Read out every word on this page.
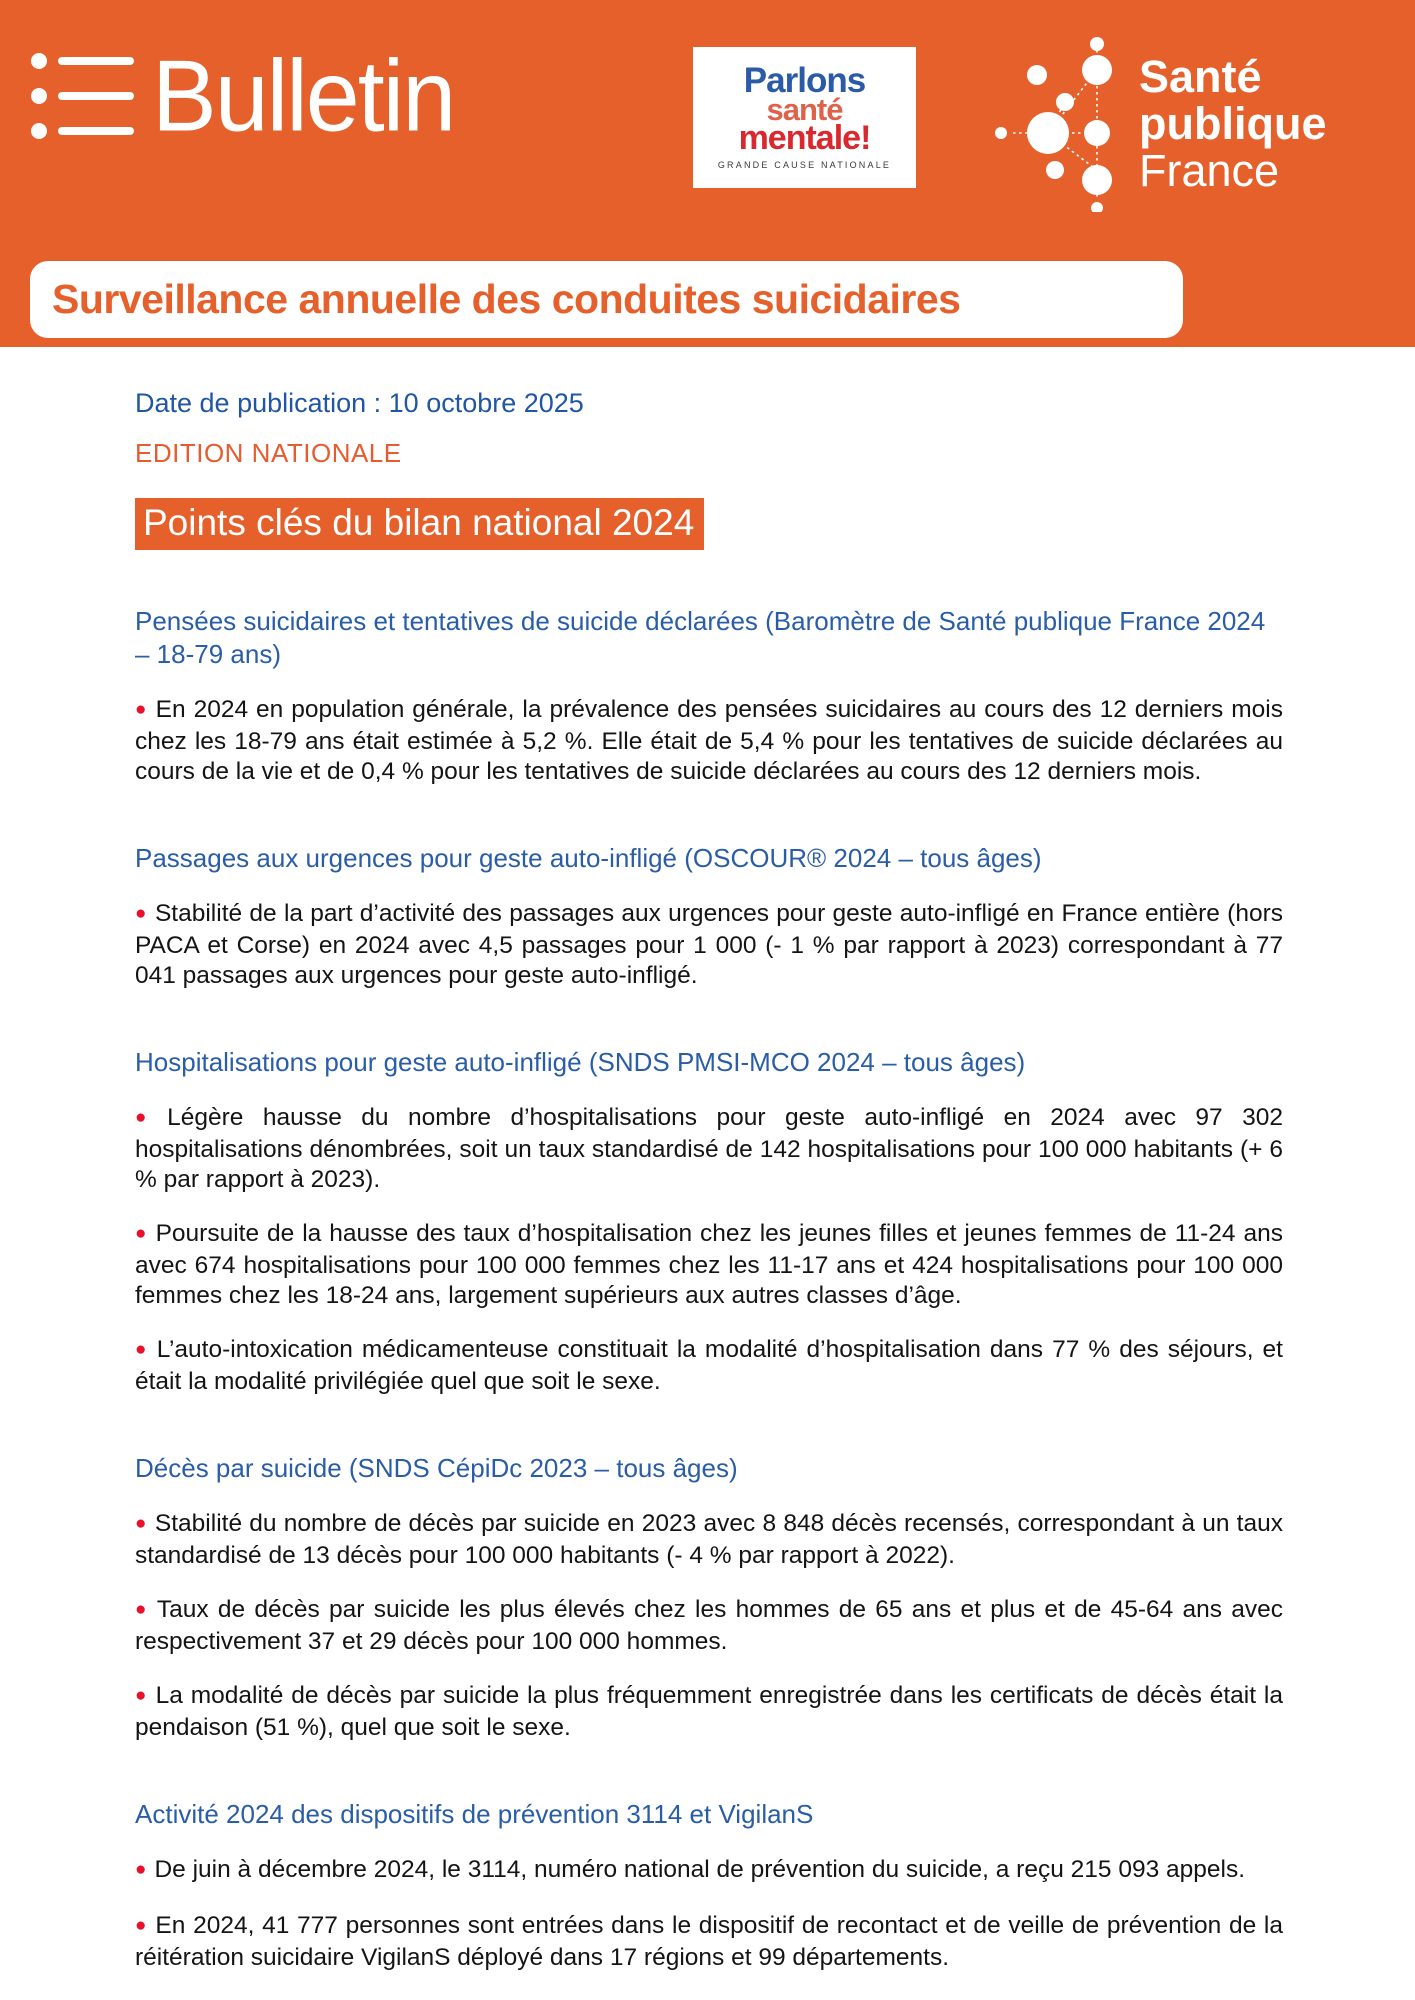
Bulletin	Parlons
santé
mentale!
GRANDE CAUSE NATIONALE
Santé
publique
France
Surveillance annuelle des conduites suicidaires

Date de publication : 10 octobre 2025

EDITION NATIONALE

Points clés du bilan national 2024
Pensées suicidaires et tentatives de suicide déclarées (Baromètre de Santé publique France 2024 – 18-79 ans)

● En 2024 en population générale, la prévalence des pensées suicidaires au cours des 12 derniers mois chez les 18-79 ans était estimée à 5,2 %. Elle était de 5,4 % pour les tentatives de suicide déclarées au cours de la vie et de 0,4 % pour les tentatives de suicide déclarées au cours des 12 derniers mois.

Passages aux urgences pour geste auto-infligé (OSCOUR® 2024 – tous âges)

● Stabilité de la part d’activité des passages aux urgences pour geste auto-infligé en France entière (hors PACA et Corse) en 2024 avec 4,5 passages pour 1 000 (- 1 % par rapport à 2023) correspondant à 77 041 passages aux urgences pour geste auto-infligé.

Hospitalisations pour geste auto-infligé (SNDS PMSI-MCO 2024 – tous âges)

● Légère hausse du nombre d’hospitalisations pour geste auto-infligé en 2024 avec 97 302 hospitalisations dénombrées, soit un taux standardisé de 142 hospitalisations pour 100 000 habitants (+ 6 % par rapport à 2023).

● Poursuite de la hausse des taux d’hospitalisation chez les jeunes filles et jeunes femmes de 11-24 ans avec 674 hospitalisations pour 100 000 femmes chez les 11-17 ans et 424 hospitalisations pour 100 000 femmes chez les 18-24 ans, largement supérieurs aux autres classes d’âge.

● L’auto-intoxication médicamenteuse constituait la modalité d’hospitalisation dans 77 % des séjours, et était la modalité privilégiée quel que soit le sexe.

Décès par suicide (SNDS CépiDc 2023 – tous âges)

● Stabilité du nombre de décès par suicide en 2023 avec 8 848 décès recensés, correspondant à un taux standardisé de 13 décès pour 100 000 habitants (- 4 % par rapport à 2022).

● Taux de décès par suicide les plus élevés chez les hommes de 65 ans et plus et de 45-64 ans avec respectivement 37 et 29 décès pour 100 000 hommes.

● La modalité de décès par suicide la plus fréquemment enregistrée dans les certificats de décès était la pendaison (51 %), quel que soit le sexe.

Activité 2024 des dispositifs de prévention 3114 et VigilanS

● De juin à décembre 2024, le 3114, numéro national de prévention du suicide, a reçu 215 093 appels.

● En 2024, 41 777 personnes sont entrées dans le dispositif de recontact et de veille de prévention de la réitération suicidaire VigilanS déployé dans 17 régions et 99 départements.
